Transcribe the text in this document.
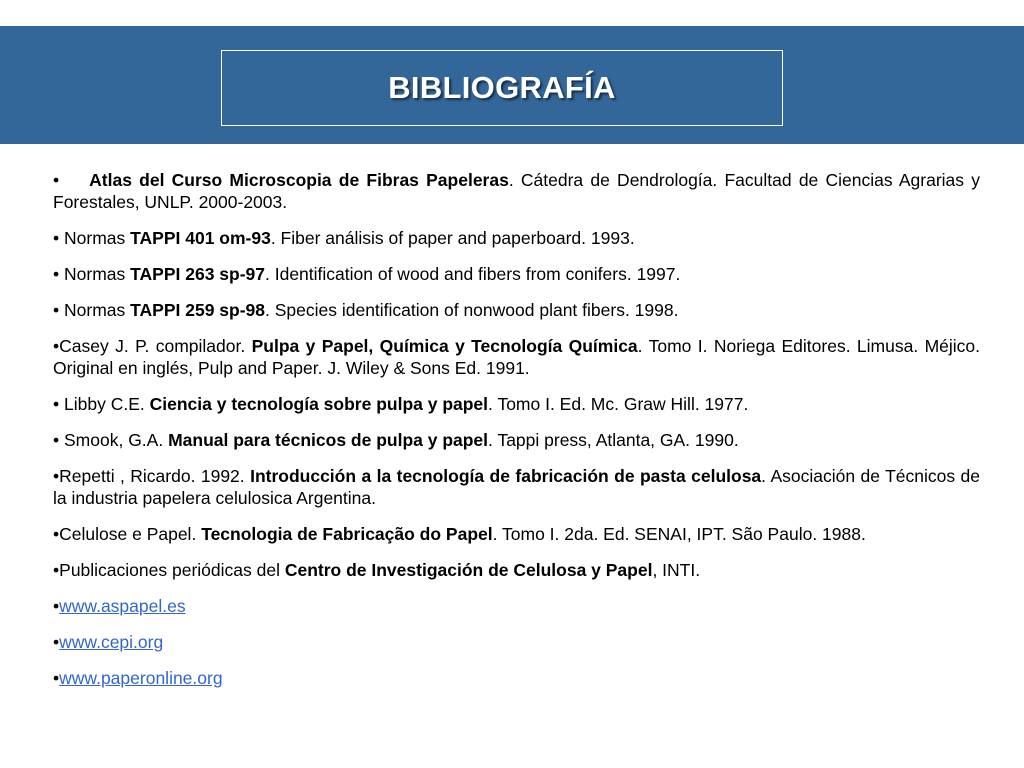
BIBLIOGRAFÍA

• Atlas del Curso Microscopia de Fibras Papeleras. Cátedra de Dendrología. Facultad de Ciencias Agrarias y Forestales, UNLP. 2000-2003.

• Normas TAPPI 401 om-93. Fiber análisis of paper and paperboard. 1993.

• Normas TAPPI 263 sp-97. Identification of wood and fibers from conifers. 1997.

• Normas TAPPI 259 sp-98. Species identification of nonwood plant fibers. 1998.

•Casey J. P. compilador. Pulpa y Papel, Química y Tecnología Química. Tomo I. Noriega Editores. Limusa. Méjico. Original en inglés, Pulp and Paper. J. Wiley & Sons Ed. 1991.

• Libby C.E. Ciencia y tecnología sobre pulpa y papel. Tomo I. Ed. Mc. Graw Hill. 1977.

• Smook, G.A. Manual para técnicos de pulpa y papel. Tappi press, Atlanta, GA. 1990.

•Repetti , Ricardo. 1992. Introducción a la tecnología de fabricación de pasta celulosa. Asociación de Técnicos de la industria papelera celulosica Argentina.

•Celulose e Papel. Tecnologia de Fabricação do Papel. Tomo I. 2da. Ed. SENAI, IPT. São Paulo. 1988.

•Publicaciones periódicas del Centro de Investigación de Celulosa y Papel, INTI.

•www.aspapel.es

•www.cepi.org

•www.paperonline.org
